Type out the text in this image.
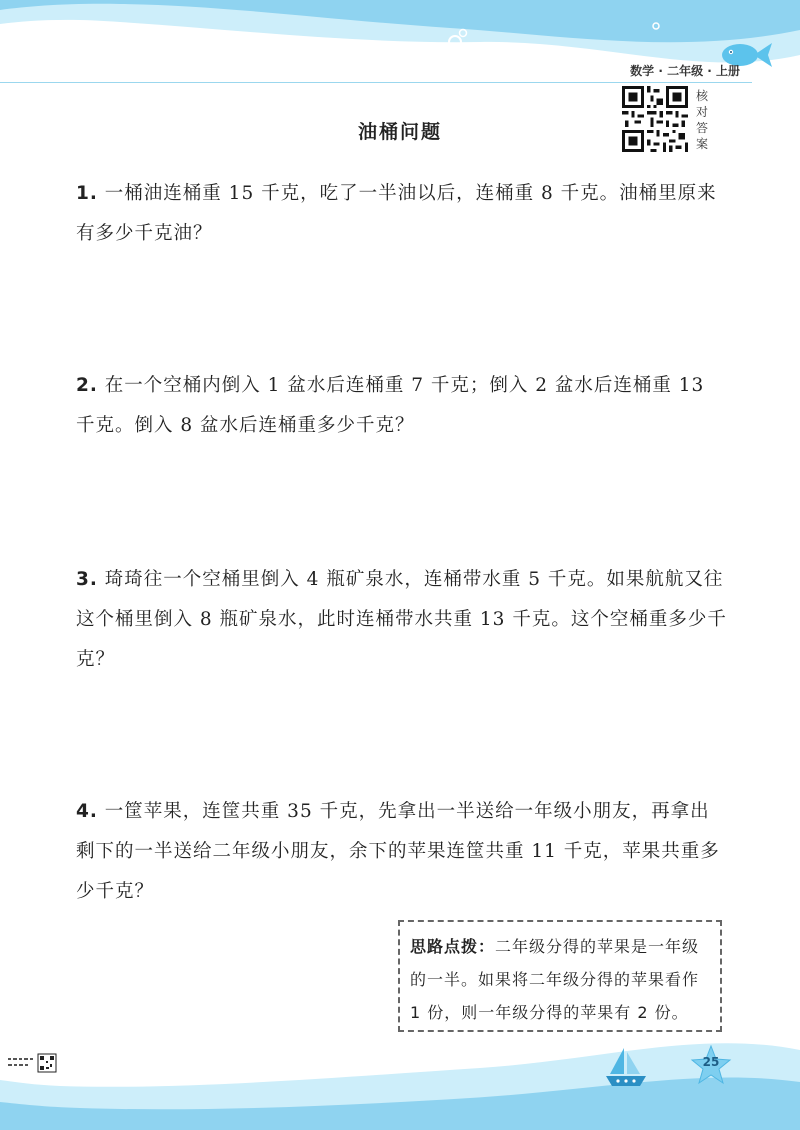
数学 · 二年级 · 上册
核对答案
油桶问题
1. 一桶油连桶重 15 千克，吃了一半油以后，连桶重 8 千克。油桶里原来有多少千克油？
2. 在一个空桶内倒入 1 盆水后连桶重 7 千克；倒入 2 盆水后连桶重 13 千克。倒入 8 盆水后连桶重多少千克？
3. 琦琦往一个空桶里倒入 4 瓶矿泉水，连桶带水重 5 千克。如果航航又往这个桶里倒入 8 瓶矿泉水，此时连桶带水共重 13 千克。这个空桶重多少千克？
4. 一筐苹果，连筐共重 35 千克，先拿出一半送给一年级小朋友，再拿出剩下的一半送给二年级小朋友，余下的苹果连筐共重 11 千克，苹果共重多少千克？
思路点拨：二年级分得的苹果是一年级的一半。如果将二年级分得的苹果看作 1 份，则一年级分得的苹果有 2 份。
25
